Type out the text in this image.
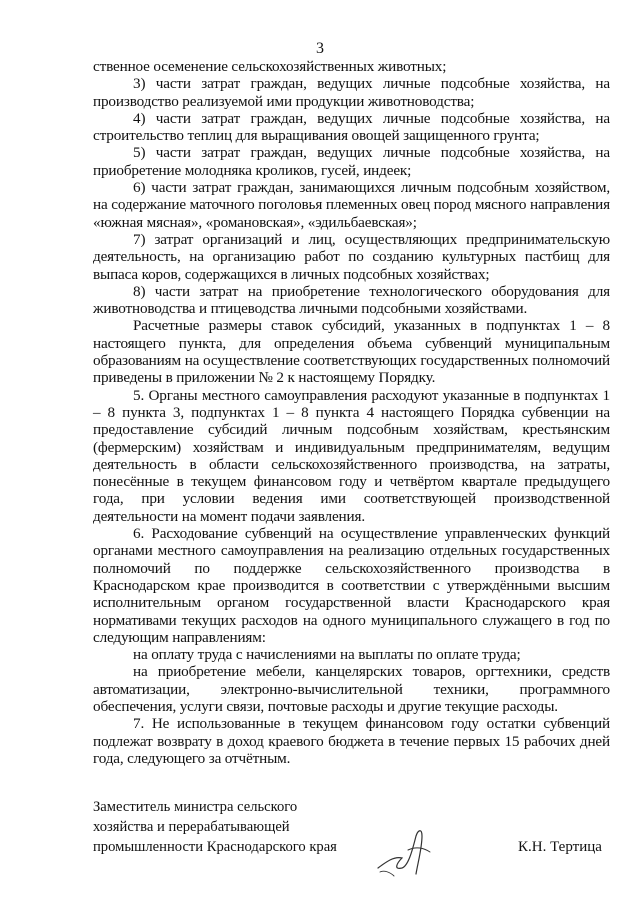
3

ственное осеменение сельскохозяйственных животных;

3) части затрат граждан, ведущих личные подсобные хозяйства, на производство реализуемой ими продукции животноводства;

4) части затрат граждан, ведущих личные подсобные хозяйства, на строительство теплиц для выращивания овощей защищенного грунта;

5) части затрат граждан, ведущих личные подсобные хозяйства, на приобретение молодняка кроликов, гусей, индеек;

6) части затрат граждан, занимающихся личным подсобным хозяйством, на содержание маточного поголовья племенных овец пород мясного направления «южная мясная», «романовская», «эдильбаевская»;

7) затрат организаций и лиц, осуществляющих предпринимательскую деятельность, на организацию работ по созданию культурных пастбищ для выпаса коров, содержащихся в личных подсобных хозяйствах;

8) части затрат на приобретение технологического оборудования для животноводства и птицеводства личными подсобными хозяйствами.

Расчетные размеры ставок субсидий, указанных в подпунктах 1 – 8 настоящего пункта, для определения объема субвенций муниципальным образованиям на осуществление соответствующих государственных полномочий приведены в приложении № 2 к настоящему Порядку.

5. Органы местного самоуправления расходуют указанные в подпунктах 1 – 8 пункта 3, подпунктах 1 – 8 пункта 4 настоящего Порядка субвенции на предоставление субсидий личным подсобным хозяйствам, крестьянским (фермерским) хозяйствам и индивидуальным предпринимателям, ведущим деятельность в области сельскохозяйственного производства, на затраты, понесённые в текущем финансовом году и четвёртом квартале предыдущего года, при условии ведения ими соответствующей производственной деятельности на момент подачи заявления.

6. Расходование субвенций на осуществление управленческих функций органами местного самоуправления на реализацию отдельных государственных полномочий по поддержке сельскохозяйственного производства в Краснодарском крае производится в соответствии с утверждёнными высшим исполнительным органом государственной власти Краснодарского края нормативами текущих расходов на одного муниципального служащего в год по следующим направлениям:

на оплату труда с начислениями на выплаты по оплате труда;

на приобретение мебели, канцелярских товаров, оргтехники, средств автоматизации, электронно-вычислительной техники, программного обеспечения, услуги связи, почтовые расходы и другие текущие расходы.

7. Не использованные в текущем финансовом году остатки субвенций подлежат возврату в доход краевого бюджета в течение первых 15 рабочих дней года, следующего за отчётным.

Заместитель министра сельского
хозяйства и перерабатывающей
промышленности Краснодарского края	К.Н. Тертица
